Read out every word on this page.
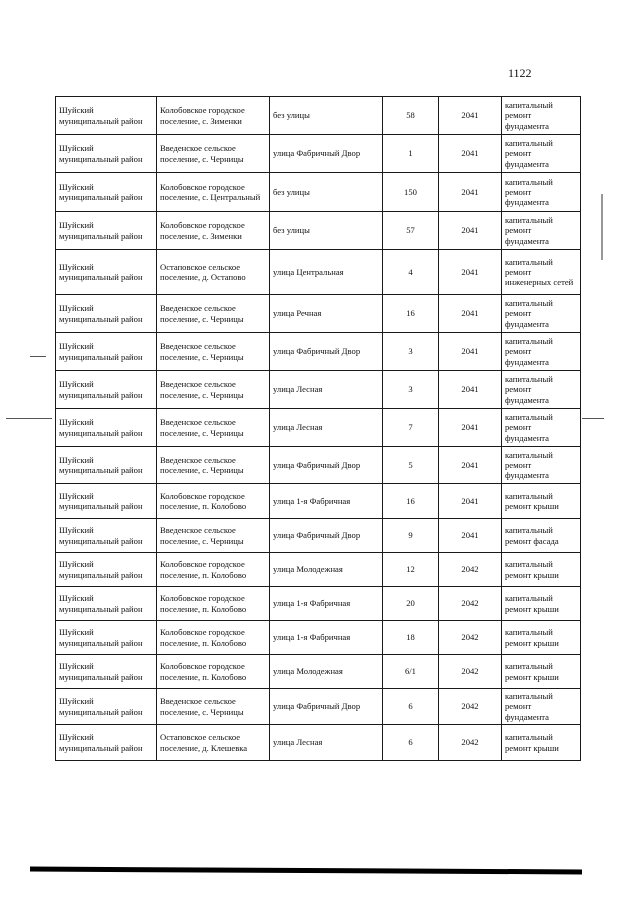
1122
Шуйский муниципальный район	Колобовское городское поселение, с. Зименки	без улицы	58	2041	капитальный ремонт фундамента
Шуйский муниципальный район	Введенское сельское поселение, с. Черницы	улица Фабричный Двор	1	2041	капитальный ремонт фундамента
Шуйский муниципальный район	Колобовское городское поселение, с. Центральный	без улицы	150	2041	капитальный ремонт фундамента
Шуйский муниципальный район	Колобовское городское поселение, с. Зименки	без улицы	57	2041	капитальный ремонт фундамента
Шуйский муниципальный район	Остаповское сельское поселение, д. Остапово	улица Центральная	4	2041	капитальный ремонт инженерных сетей
Шуйский муниципальный район	Введенское сельское поселение, с. Черницы	улица Речная	16	2041	капитальный ремонт фундамента
Шуйский муниципальный район	Введенское сельское поселение, с. Черницы	улица Фабричный Двор	3	2041	капитальный ремонт фундамента
Шуйский муниципальный район	Введенское сельское поселение, с. Черницы	улица Лесная	3	2041	капитальный ремонт фундамента
Шуйский муниципальный район	Введенское сельское поселение, с. Черницы	улица Лесная	7	2041	капитальный ремонт фундамента
Шуйский муниципальный район	Введенское сельское поселение, с. Черницы	улица Фабричный Двор	5	2041	капитальный ремонт фундамента
Шуйский муниципальный район	Колобовское городское поселение, п. Колобово	улица 1-я Фабричная	16	2041	капитальный ремонт крыши
Шуйский муниципальный район	Введенское сельское поселение, с. Черницы	улица Фабричный Двор	9	2041	капитальный ремонт фасада
Шуйский муниципальный район	Колобовское городское поселение, п. Колобово	улица Молодежная	12	2042	капитальный ремонт крыши
Шуйский муниципальный район	Колобовское городское поселение, п. Колобово	улица 1-я Фабричная	20	2042	капитальный ремонт крыши
Шуйский муниципальный район	Колобовское городское поселение, п. Колобово	улица 1-я Фабричная	18	2042	капитальный ремонт крыши
Шуйский муниципальный район	Колобовское городское поселение, п. Колобово	улица Молодежная	6/1	2042	капитальный ремонт крыши
Шуйский муниципальный район	Введенское сельское поселение, с. Черницы	улица Фабричный Двор	6	2042	капитальный ремонт фундамента
Шуйский муниципальный район	Остаповское сельское поселение, д. Клешевка	улица Лесная	6	2042	капитальный ремонт крыши
